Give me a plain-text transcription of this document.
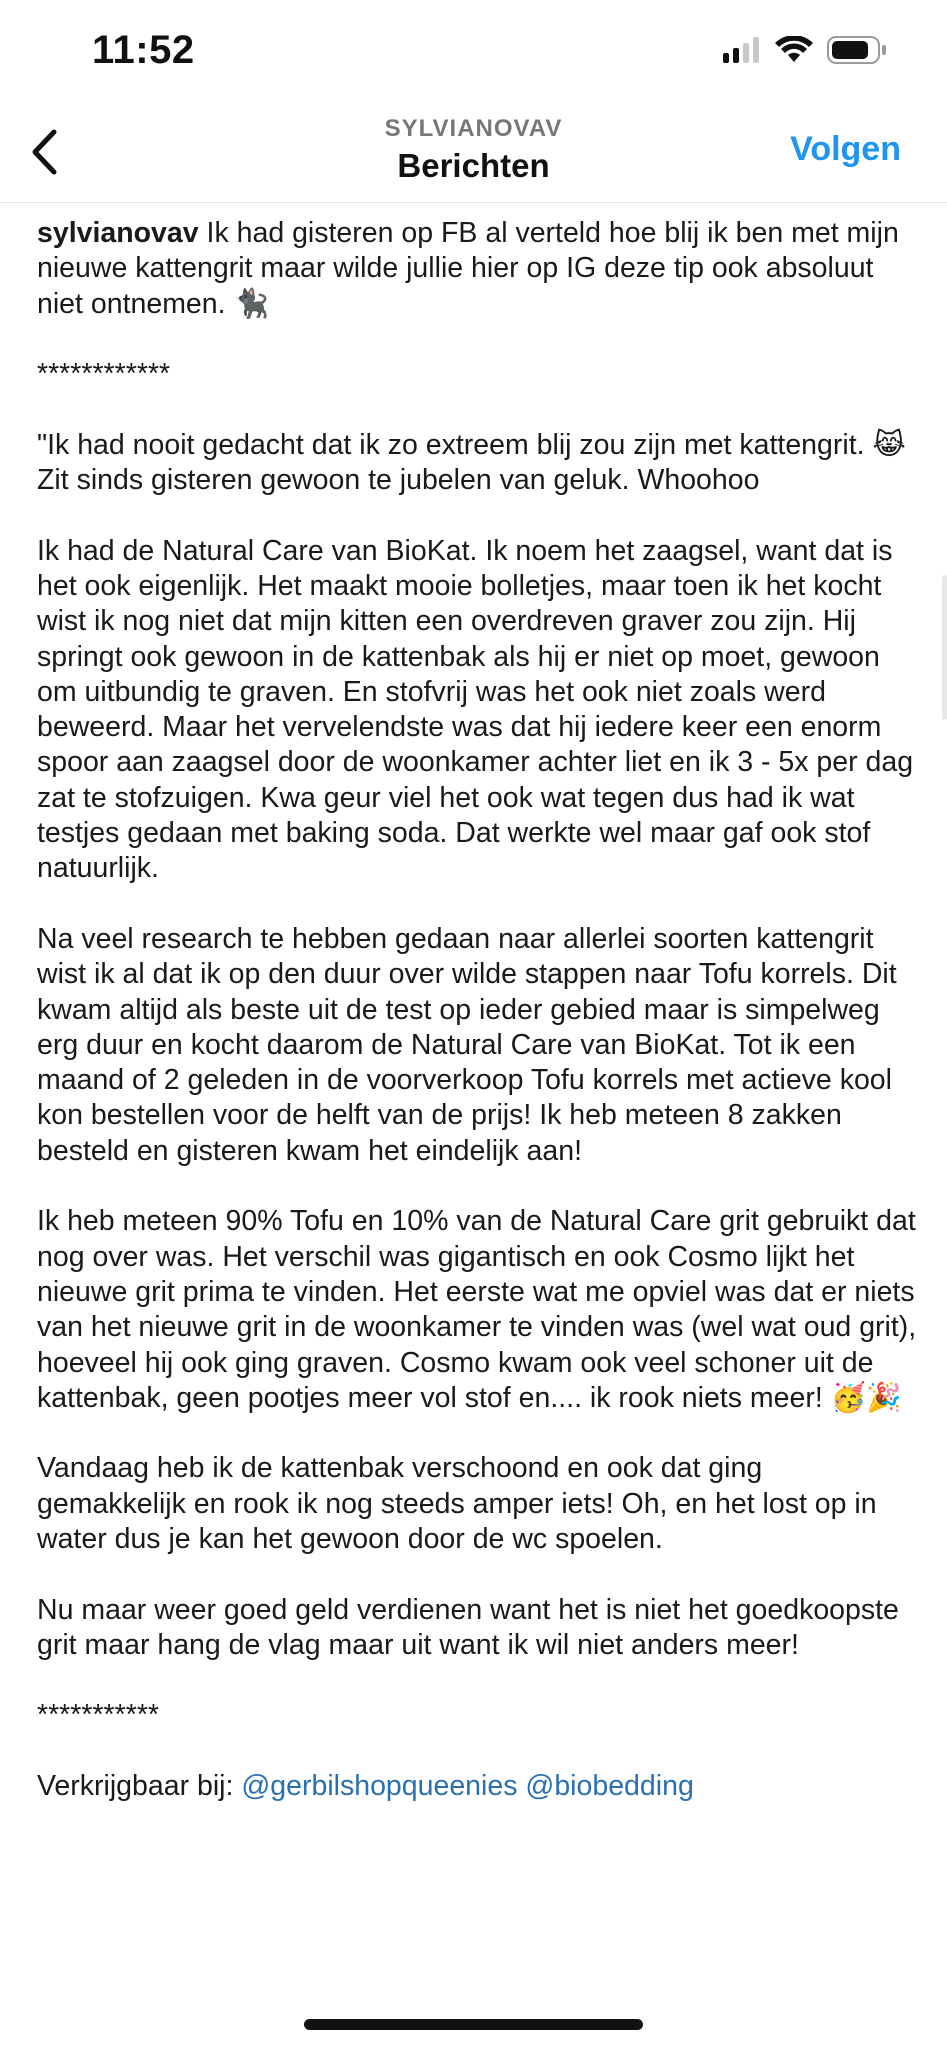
11:52
SYLVIANOVAV
Berichten	Volgen

sylvianovav Ik had gisteren op FB al verteld hoe blij ik ben met mijn nieuwe kattengrit maar wilde jullie hier op IG deze tip ook absoluut niet ontnemen. 🐈‍⬛

************

"Ik had nooit gedacht dat ik zo extreem blij zou zijn met kattengrit. 😹 Zit sinds gisteren gewoon te jubelen van geluk. Whoohoo

Ik had de Natural Care van BioKat. Ik noem het zaagsel, want dat is het ook eigenlijk. Het maakt mooie bolletjes, maar toen ik het kocht wist ik nog niet dat mijn kitten een overdreven graver zou zijn. Hij springt ook gewoon in de kattenbak als hij er niet op moet, gewoon om uitbundig te graven. En stofvrij was het ook niet zoals werd beweerd. Maar het vervelendste was dat hij iedere keer een enorm spoor aan zaagsel door de woonkamer achter liet en ik 3 - 5x per dag zat te stofzuigen. Kwa geur viel het ook wat tegen dus had ik wat testjes gedaan met baking soda. Dat werkte wel maar gaf ook stof natuurlijk.

Na veel research te hebben gedaan naar allerlei soorten kattengrit wist ik al dat ik op den duur over wilde stappen naar Tofu korrels. Dit kwam altijd als beste uit de test op ieder gebied maar is simpelweg erg duur en kocht daarom de Natural Care van BioKat. Tot ik een maand of 2 geleden in de voorverkoop Tofu korrels met actieve kool kon bestellen voor de helft van de prijs! Ik heb meteen 8 zakken besteld en gisteren kwam het eindelijk aan!

Ik heb meteen 90% Tofu en 10% van de Natural Care grit gebruikt dat nog over was. Het verschil was gigantisch en ook Cosmo lijkt het nieuwe grit prima te vinden. Het eerste wat me opviel was dat er niets van het nieuwe grit in de woonkamer te vinden was (wel wat oud grit), hoeveel hij ook ging graven. Cosmo kwam ook veel schoner uit de kattenbak, geen pootjes meer vol stof en.... ik rook niets meer! 🥳🎉

Vandaag heb ik de kattenbak verschoond en ook dat ging gemakkelijk en rook ik nog steeds amper iets! Oh, en het lost op in water dus je kan het gewoon door de wc spoelen.

Nu maar weer goed geld verdienen want het is niet het goedkoopste grit maar hang de vlag maar uit want ik wil niet anders meer!

***********

Verkrijgbaar bij: @gerbilshopqueenies @biobedding
